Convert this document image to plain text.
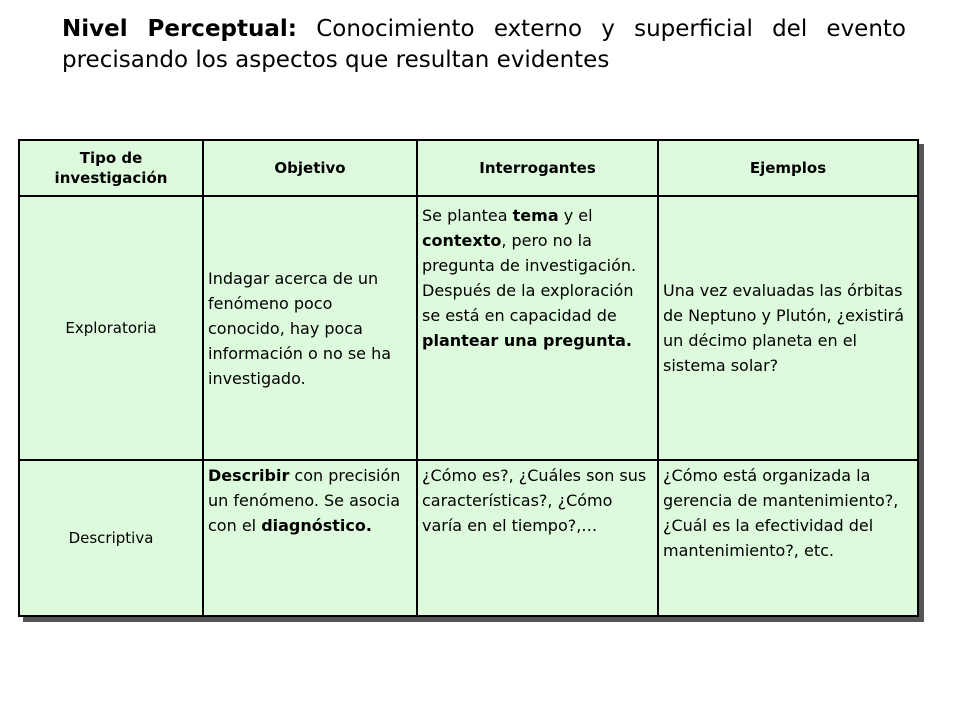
Nivel Perceptual: Conocimiento externo y superficial del evento precisando los aspectos que resultan evidentes
Tipo de investigación	Objetivo	Interrogantes	Ejemplos
Exploratoria	Indagar acerca de un fenómeno poco conocido, hay poca información o no se ha investigado.	Se plantea tema y el contexto, pero no la pregunta de investigación. Después de la exploración se está en capacidad de plantear una pregunta.	Una vez evaluadas las órbitas de Neptuno y Plutón, ¿existirá un décimo planeta en el sistema solar?
Descriptiva	Describir con precisión un fenómeno. Se asocia con el diagnóstico.	¿Cómo es?, ¿Cuáles son sus características?, ¿Cómo varía en el tiempo?,…	¿Cómo está organizada la gerencia de mantenimiento?, ¿Cuál es la efectividad del mantenimiento?, etc.
